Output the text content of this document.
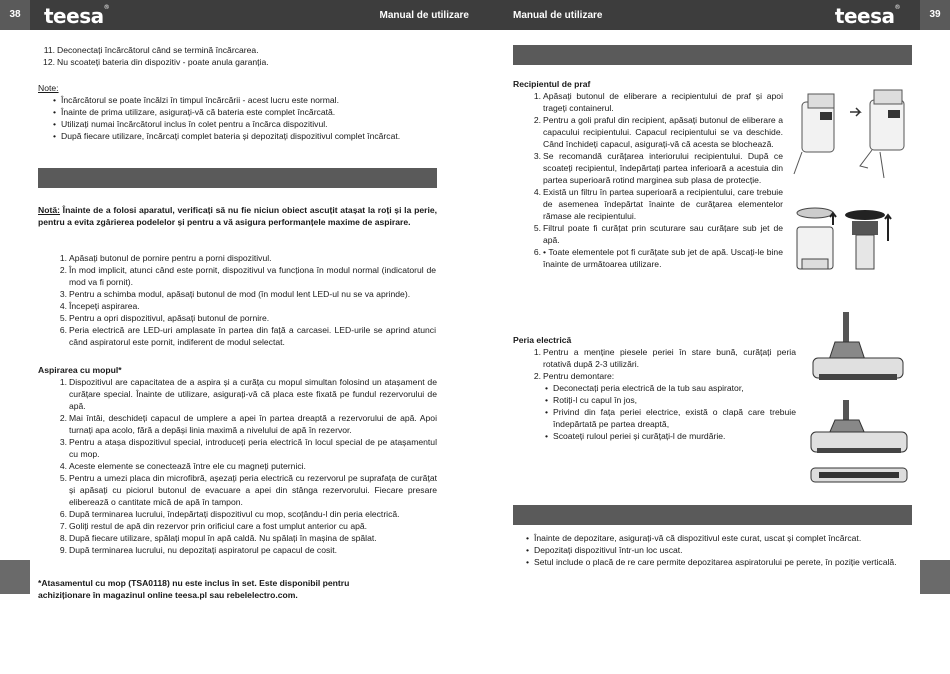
38	teesa®
Manual de utilizare
11. Deconectați încărcătorul când se termină încărcarea.
12. Nu scoateți bateria din dispozitiv - poate anula garanția.

Note:

• Încărcătorul se poate încălzi în timpul încărcării - acest lucru este normal.
• Înainte de prima utilizare, asigurați-vă că bateria este complet încărcată.
• Utilizați numai încărcătorul inclus în colet pentru a încărca dispozitivul.
• După fiecare utilizare, încărcați complet bateria și depozitați dispozitivul complet încărcat.
Notă: Înainte de a folosi aparatul, verificați să nu fie niciun obiect ascuțit atașat la roți și la perie, pentru a evita zgârierea podelelor și pentru a vă asigura performanțele maxime de aspirare.
1. Apăsați butonul de pornire pentru a porni dispozitivul.
2. În mod implicit, atunci când este pornit, dispozitivul va funcționa în modul normal (indicatorul de mod va fi pornit).
3. Pentru a schimba modul, apăsați butonul de mod (în modul lent LED-ul nu se va aprinde).
4. Începeți aspirarea.
5. Pentru a opri dispozitivul, apăsați butonul de pornire.
6. Peria electrică are LED-uri amplasate în partea din față a carcasei. LED-urile se aprind atunci când aspiratorul este pornit, indiferent de modul selectat.

Aspirarea cu mopul*

1. Dispozitivul are capacitatea de a aspira și a curăța cu mopul simultan folosind un atașament de curățare special. Înainte de utilizare, asigurați-vă că placa este fixată pe fundul rezervorului de apă.
2. Mai întâi, deschideți capacul de umplere a apei în partea dreaptă a rezervorului de apă. Apoi turnați apa acolo, fără a depăși linia maximă a nivelului de apă în rezervor.
3. Pentru a atașa dispozitivul special, introduceți peria electrică în locul special de pe atașamentul cu mop.
4. Aceste elemente se conectează între ele cu magneți puternici.
5. Pentru a umezi placa din microfibră, așezați peria electrică cu rezervorul pe suprafața de curățat și apăsați cu piciorul butonul de evacuare a apei din stânga rezervorului. Fiecare presare eliberează o cantitate mică de apă în tampon.
6. După terminarea lucrului, îndepărtați dispozitivul cu mop, scoțându-l din peria electrică.
7. Goliți restul de apă din rezervor prin orificiul care a fost umplut anterior cu apă.
8. După fiecare utilizare, spălați mopul în apă caldă. Nu spălați în mașina de spălat.
9. După terminarea lucrului, nu depozitați aspiratorul pe capacul de cosit.
*Atasamentul cu mop (TSA0118) nu este inclus în set. Este disponibil pentru achiziționare în magazinul online teesa.pl sau rebelelectro.com.
39
teesa®
Manual de utilizare

Recipientul de praf

1. Apăsați butonul de eliberare a recipientului de praf și apoi trageți containerul.
2. Pentru a goli praful din recipient, apăsați butonul de eliberare a capacului recipientului. Capacul recipientului se va deschide. Când închideți capacul, asigurați-vă că acesta se blochează.
3. Se recomandă curățarea interiorului recipientului. După ce scoateți recipientul, îndepărtați partea inferioară a acestuia din partea superioară rotind marginea sub plasa de protecție.
4. Există un filtru în partea superioară a recipientului, care trebuie de asemenea îndepărtat înainte de curățarea elementelor rămase ale recipientului.
5. Filtrul poate fi curățat prin scuturare sau curățare sub jet de apă.
6. • Toate elementele pot fi curățate sub jet de apă. Uscați-le bine înainte de următoarea utilizare.

Peria electrică

1. Pentru a menține piesele periei în stare bună, curățați peria rotativă după 2-3 utilizări.
2. Pentru demontare:
• Deconectați peria electrică de la tub sau aspirator,
• Rotiți-l cu capul în jos,
• Privind din fața periei electrice, există o clapă care trebuie îndepărtată pe partea dreaptă,
• Scoateți ruloul periei și curățați-l de murdărie.
• Înainte de depozitare, asigurați-vă că dispozitivul este curat, uscat și complet încărcat.
• Depozitați dispozitivul într-un loc uscat.
• Setul include o placă de re care permite depozitarea aspiratorului pe perete, în poziție verticală.
